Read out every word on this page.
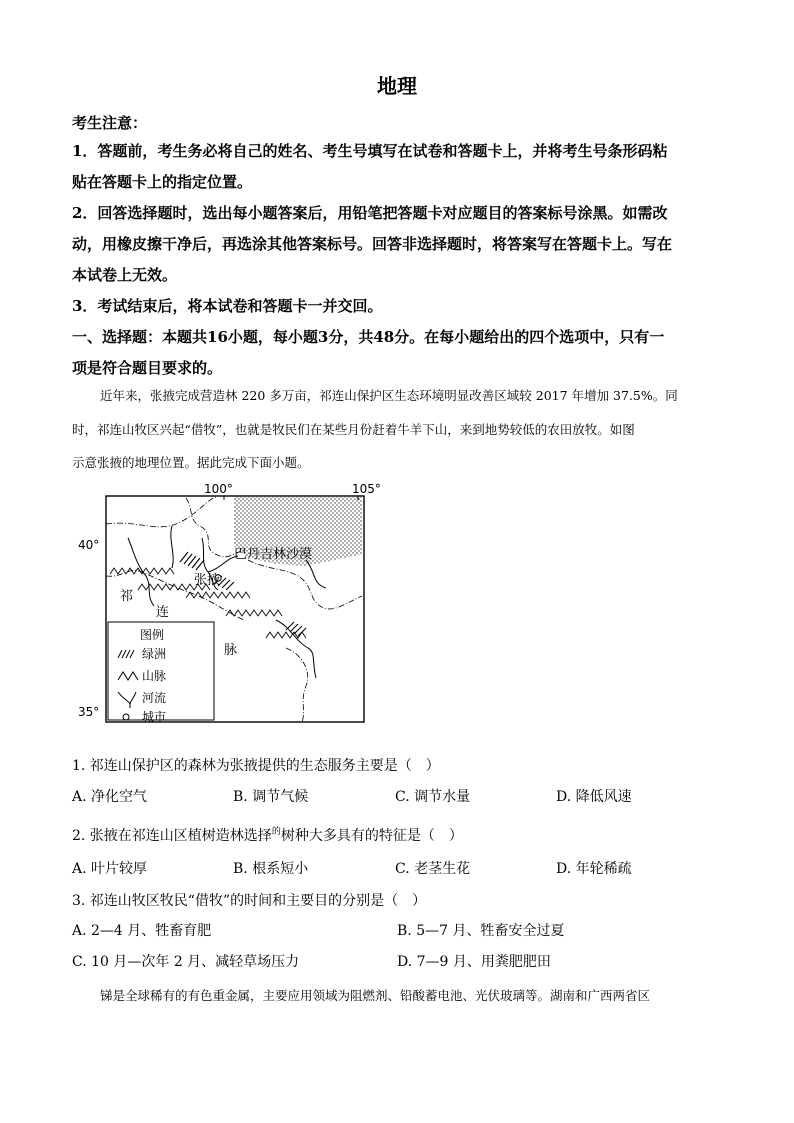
地理
考生注意：
1．答题前，考生务必将自己的姓名、考生号填写在试卷和答题卡上，并将考生号条形码粘
贴在答题卡上的指定位置。
2．回答选择题时，选出每小题答案后，用铅笔把答题卡对应题目的答案标号涂黑。如需改
动，用橡皮擦干净后，再选涂其他答案标号。回答非选择题时，将答案写在答题卡上。写在
本试卷上无效。
3．考试结束后，将本试卷和答题卡一并交回。
一、选择题：本题共16小题，每小题3分，共48分。在每小题给出的四个选项中，只有一
项是符合题目要求的。
近年来，张掖完成营造林 220 多万亩，祁连山保护区生态环境明显改善区域较 2017 年增加 37.5%。同
时，祁连山牧区兴起“借牧”，也就是牧民们在某些月份赶着牛羊下山，来到地势较低的农田放牧。如图
示意张掖的地理位置。据此完成下面小题。
100°	105°
40°
35°
巴丹吉林沙漠
张掖
祁
连
脉
图例
绿洲
山脉
河流
城市
1. 祁连山保护区的森林为张掖提供的生态服务主要是（　）
A. 净化空气	B. 调节气候	C. 调节水量	D. 降低风速
2. 张掖在祁连山区植树造林选择$^的$树种大多具有的特征是（　）
A. 叶片较厚	B. 根系短小	C. 老茎生花	D. 年轮稀疏
3. 祁连山牧区牧民“借牧”的时间和主要目的分别是（　）
A. 2—4 月、牲畜育肥	B. 5—7 月、牲畜安全过夏
C. 10 月—次年 2 月、减轻草场压力	D. 7—9 月、用粪肥肥田
锑是全球稀有的有色重金属，主要应用领域为阻燃剂、铅酸蓄电池、光伏玻璃等。湖南和广西两省区
